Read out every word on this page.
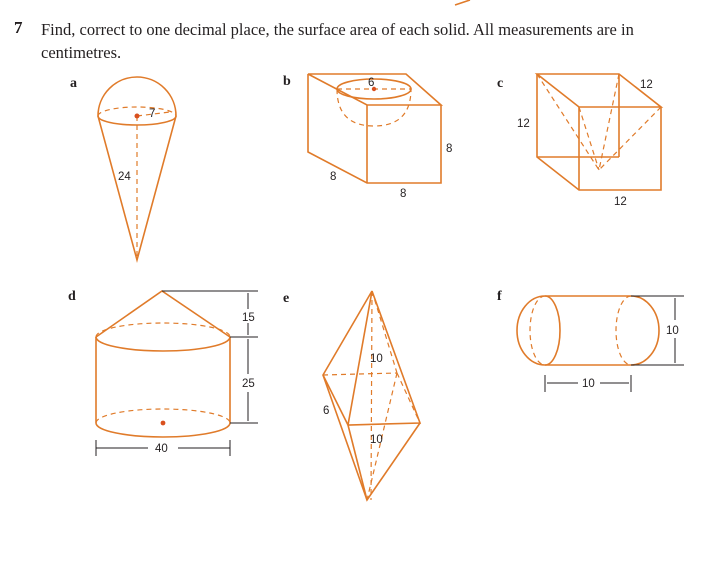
7 Find, correct to one decimal place, the surface area of each solid. All measurements are in centimetres.
a	b	c
d	e	f
7
24
6
8
8
8
12
12
12
15
25
40
10
10
6
10
10
